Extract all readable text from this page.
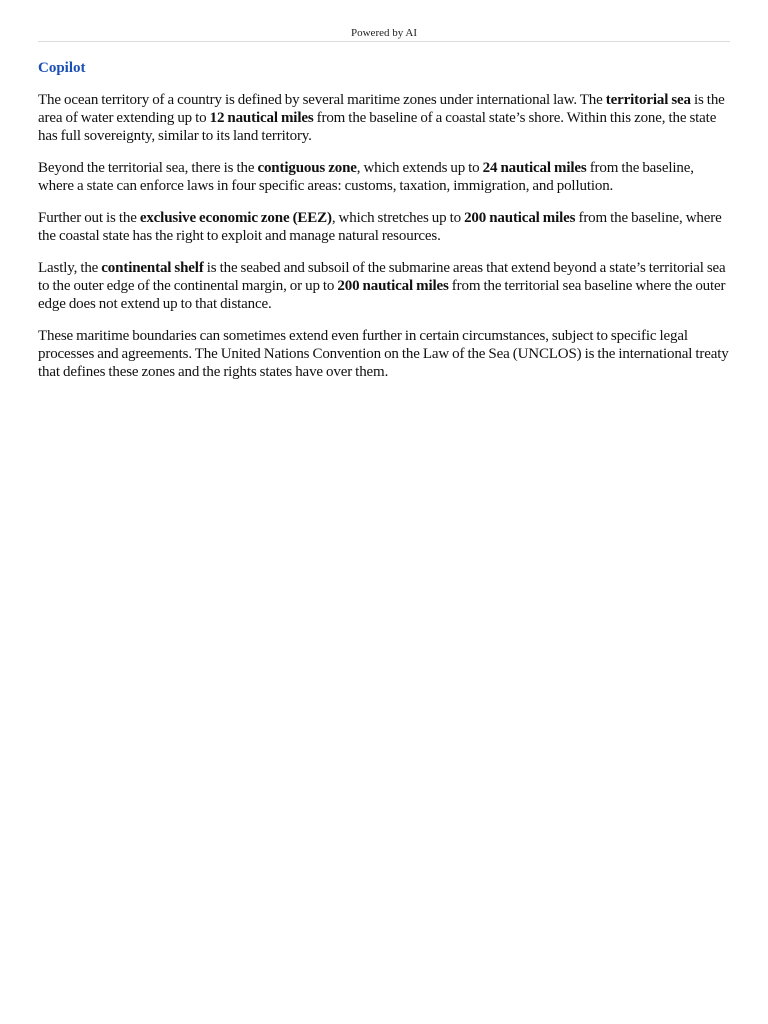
Powered by AI
Copilot

The ocean territory of a country is defined by several maritime zones under international law. The territorial sea is the area of water extending up to 12 nautical miles from the baseline of a coastal state’s shore. Within this zone, the state has full sovereignty, similar to its land territory.

Beyond the territorial sea, there is the contiguous zone, which extends up to 24 nautical miles from the baseline, where a state can enforce laws in four specific areas: customs, taxation, immigration, and pollution.

Further out is the exclusive economic zone (EEZ), which stretches up to 200 nautical miles from the baseline, where the coastal state has the right to exploit and manage natural resources.

Lastly, the continental shelf is the seabed and subsoil of the submarine areas that extend beyond a state’s territorial sea to the outer edge of the continental margin, or up to 200 nautical miles from the territorial sea baseline where the outer edge does not extend up to that distance.

These maritime boundaries can sometimes extend even further in certain circumstances, subject to specific legal processes and agreements. The United Nations Convention on the Law of the Sea (UNCLOS) is the international treaty that defines these zones and the rights states have over them.
